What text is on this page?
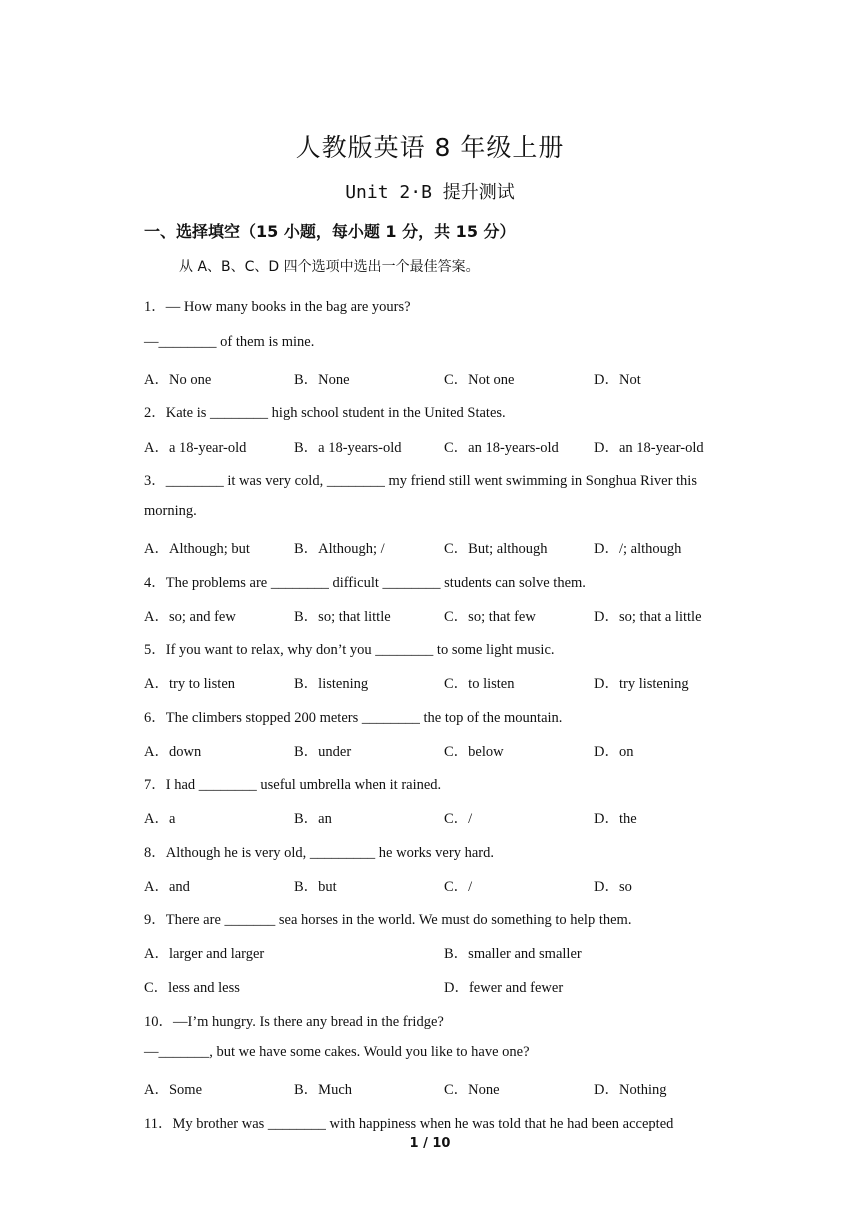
人教版英语 8 年级上册
Unit 2·B 提升测试
一、选择填空（15 小题，每小题 1 分，共 15 分）
从 A、B、C、D 四个选项中选出一个最佳答案。
1．— How many books in the bag are yours?
—________ of them is mine.
A．No one	B．None	C．Not one	D．Not
2．Kate is ________ high school student in the United States.
A．a 18-year-old	B．a 18-years-old	C．an 18-years-old D．an 18-year-old
3．________ it was very cold, ________ my friend still went swimming in Songhua River this
morning.
A．Although; but	B．Although; /	C．But; although	D．/; although
4．The problems are ________ difficult ________ students can solve them.
A．so; and few	B．so; that little	C．so; that few	D．so; that a little
5．If you want to relax, why don’t you ________ to some light music.
A．try to listen	B．listening	C．to listen	D．try listening
6．The climbers stopped 200 meters ________ the top of the mountain.
A．down	B．under	C．below	D．on
7．I had ________ useful umbrella when it rained.
A．a	B．an	C．/	D．the
8．Although he is very old, _________ he works very hard.
A．and	B．but	C．/	D．so
9．There are _______ sea horses in the world. We must do something to help them.
A．larger and larger	B．smaller and smaller
C．less and less	D．fewer and fewer
10．—I’m hungry. Is there any bread in the fridge?
—_______, but we have some cakes. Would you like to have one?
A．Some	B．Much	C．None	D．Nothing
11．My brother was ________ with happiness when he was told that he had been accepted
1 / 10
